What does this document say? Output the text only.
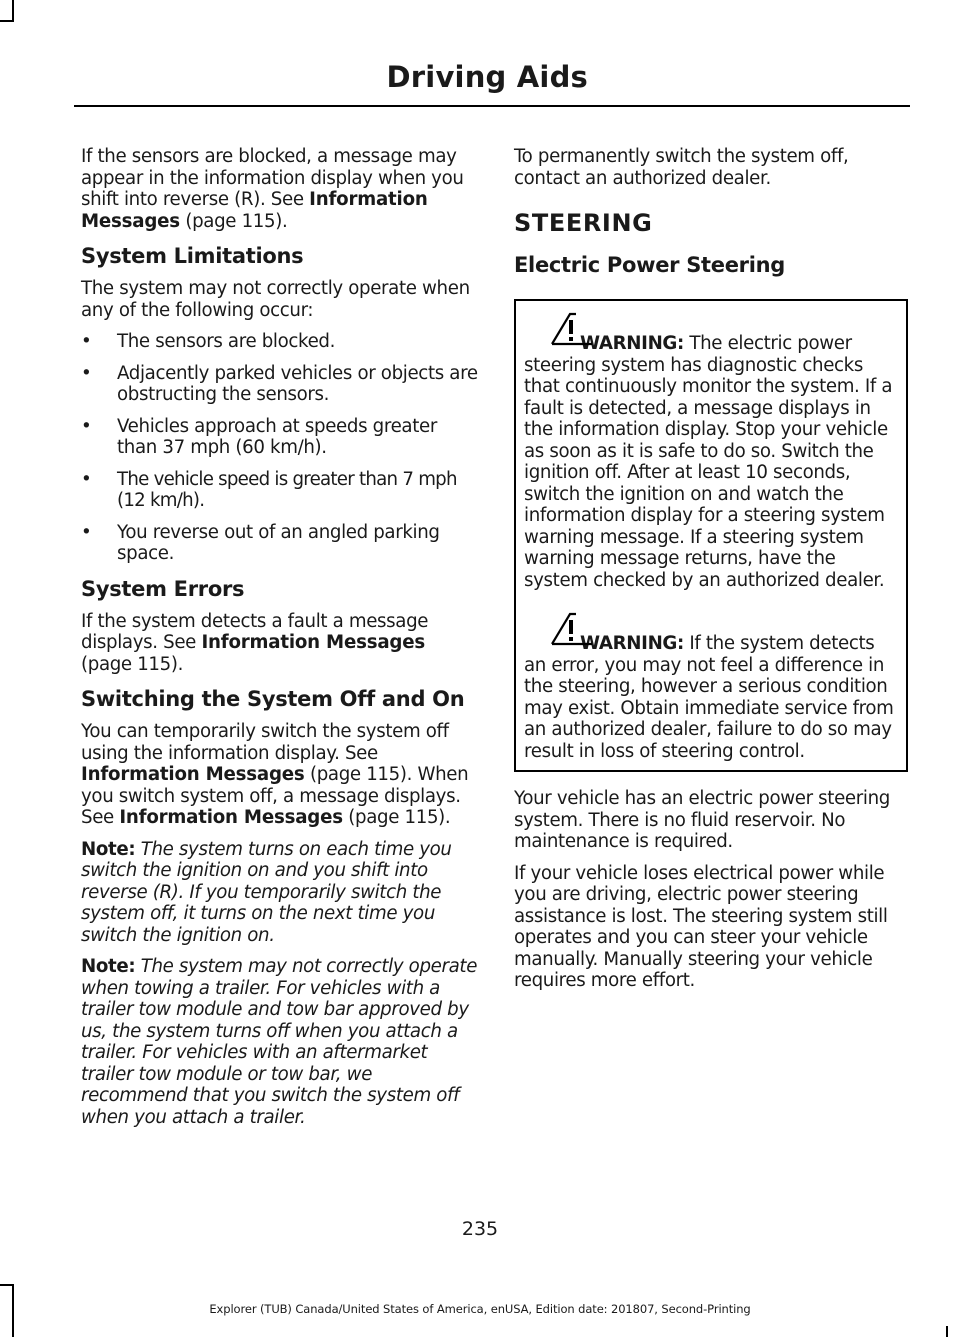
Driving Aids

If the sensors are blocked, a message may appear in the information display when you shift into reverse (R). See Information Messages (page 115).

System Limitations

The system may not correctly operate when any of the following occur:

• The sensors are blocked.
• Adjacently parked vehicles or objects are obstructing the sensors.
• Vehicles approach at speeds greater than 37 mph (60 km/h).
• The vehicle speed is greater than 7 mph (12 km/h).
• You reverse out of an angled parking space.
System Errors

If the system detects a fault a message displays. See Information Messages (page 115).

Switching the System Off and On

You can temporarily switch the system off using the information display. See Information Messages (page 115). When you switch system off, a message displays. See Information Messages (page 115).

Note: The system turns on each time you switch the ignition on and you shift into reverse (R). If you temporarily switch the system off, it turns on the next time you switch the ignition on.

Note: The system may not correctly operate when towing a trailer. For vehicles with a trailer tow module and tow bar approved by us, the system turns off when you attach a trailer. For vehicles with an aftermarket trailer tow module or tow bar, we recommend that you switch the system off when you attach a trailer.

To permanently switch the system off, contact an authorized dealer.

STEERING
Electric Power Steering

WARNING: The electric power steering system has diagnostic checks that continuously monitor the system. If a fault is detected, a message displays in the information display. Stop your vehicle as soon as it is safe to do so. Switch the ignition off. After at least 10 seconds, switch the ignition on and watch the information display for a steering system warning message. If a steering system warning message returns, have the system checked by an authorized dealer.

WARNING: If the system detects an error, you may not feel a difference in the steering, however a serious condition may exist. Obtain immediate service from an authorized dealer, failure to do so may result in loss of steering control.

Your vehicle has an electric power steering system. There is no fluid reservoir. No maintenance is required.

If your vehicle loses electrical power while you are driving, electric power steering assistance is lost. The steering system still operates and you can steer your vehicle manually. Manually steering your vehicle requires more effort.

235
Explorer (TUB) Canada/United States of America, enUSA, Edition date: 201807, Second-Printing
